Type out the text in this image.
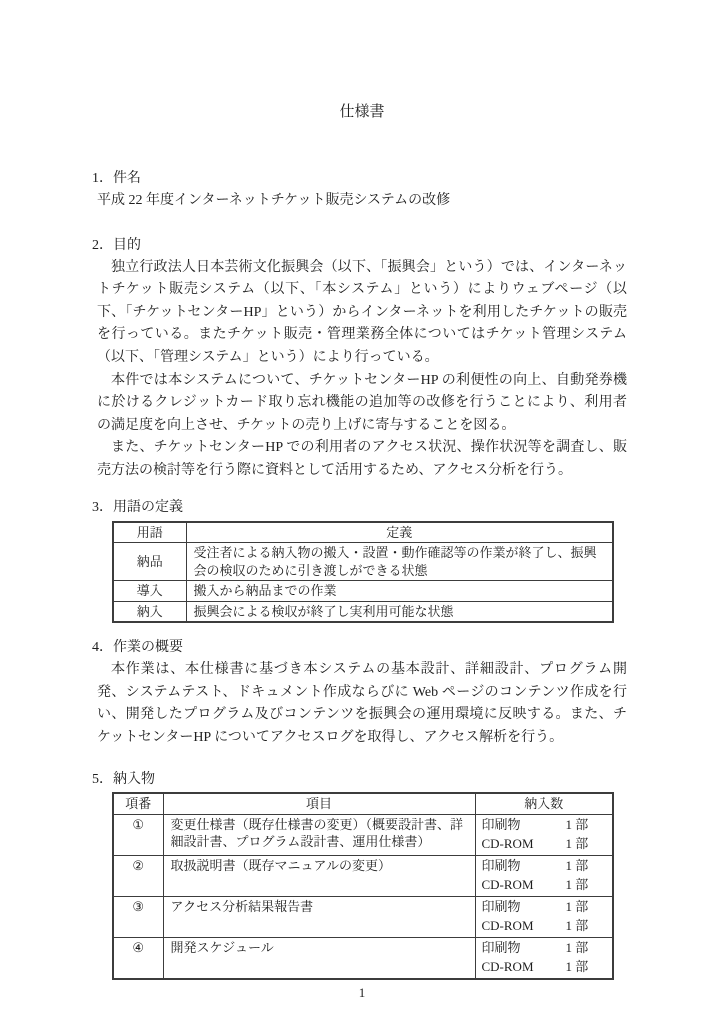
仕様書
1．件名
平成 22 年度インターネットチケット販売システムの改修
2．目的

独立行政法人日本芸術文化振興会（以下、「振興会」という）では、インターネットチケット販売システム（以下、「本システム」という）によりウェブページ（以下、「チケットセンターHP」という）からインターネットを利用したチケットの販売を行っている。またチケット販売・管理業務全体についてはチケット管理システム（以下、「管理システム」という）により行っている。

本件では本システムについて、チケットセンターHP の利便性の向上、自動発券機に於けるクレジットカード取り忘れ機能の追加等の改修を行うことにより、利用者の満足度を向上させ、チケットの売り上げに寄与することを図る。

また、チケットセンターHP での利用者のアクセス状況、操作状況等を調査し、販売方法の検討等を行う際に資料として活用するため、アクセス分析を行う。

3．用語の定義
用語	定義
納品	受注者による納入物の搬入・設置・動作確認等の作業が終了し、振興会の検収のために引き渡しができる状態
導入	搬入から納品までの作業
納入	振興会による検収が終了し実利用可能な状態
4．作業の概要

本作業は、本仕様書に基づき本システムの基本設計、詳細設計、プログラム開発、システムテスト、ドキュメント作成ならびに Web ページのコンテンツ作成を行い、開発したプログラム及びコンテンツを振興会の運用環境に反映する。また、チケットセンターHP についてアクセスログを取得し、アクセス解析を行う。

5．納入物
項番	項目	納入数
①	変更仕様書（既存仕様書の変更）（概要設計書、詳細設計書、プログラム設計書、運用仕様書）	印刷物 1 部
CD-ROM 1 部

②	取扱説明書（既存マニュアルの変更）	印刷物 1 部
CD-ROM 1 部

③	アクセス分析結果報告書	印刷物 1 部
CD-ROM 1 部

④	開発スケジュール	印刷物 1 部
CD-ROM 1 部
1
